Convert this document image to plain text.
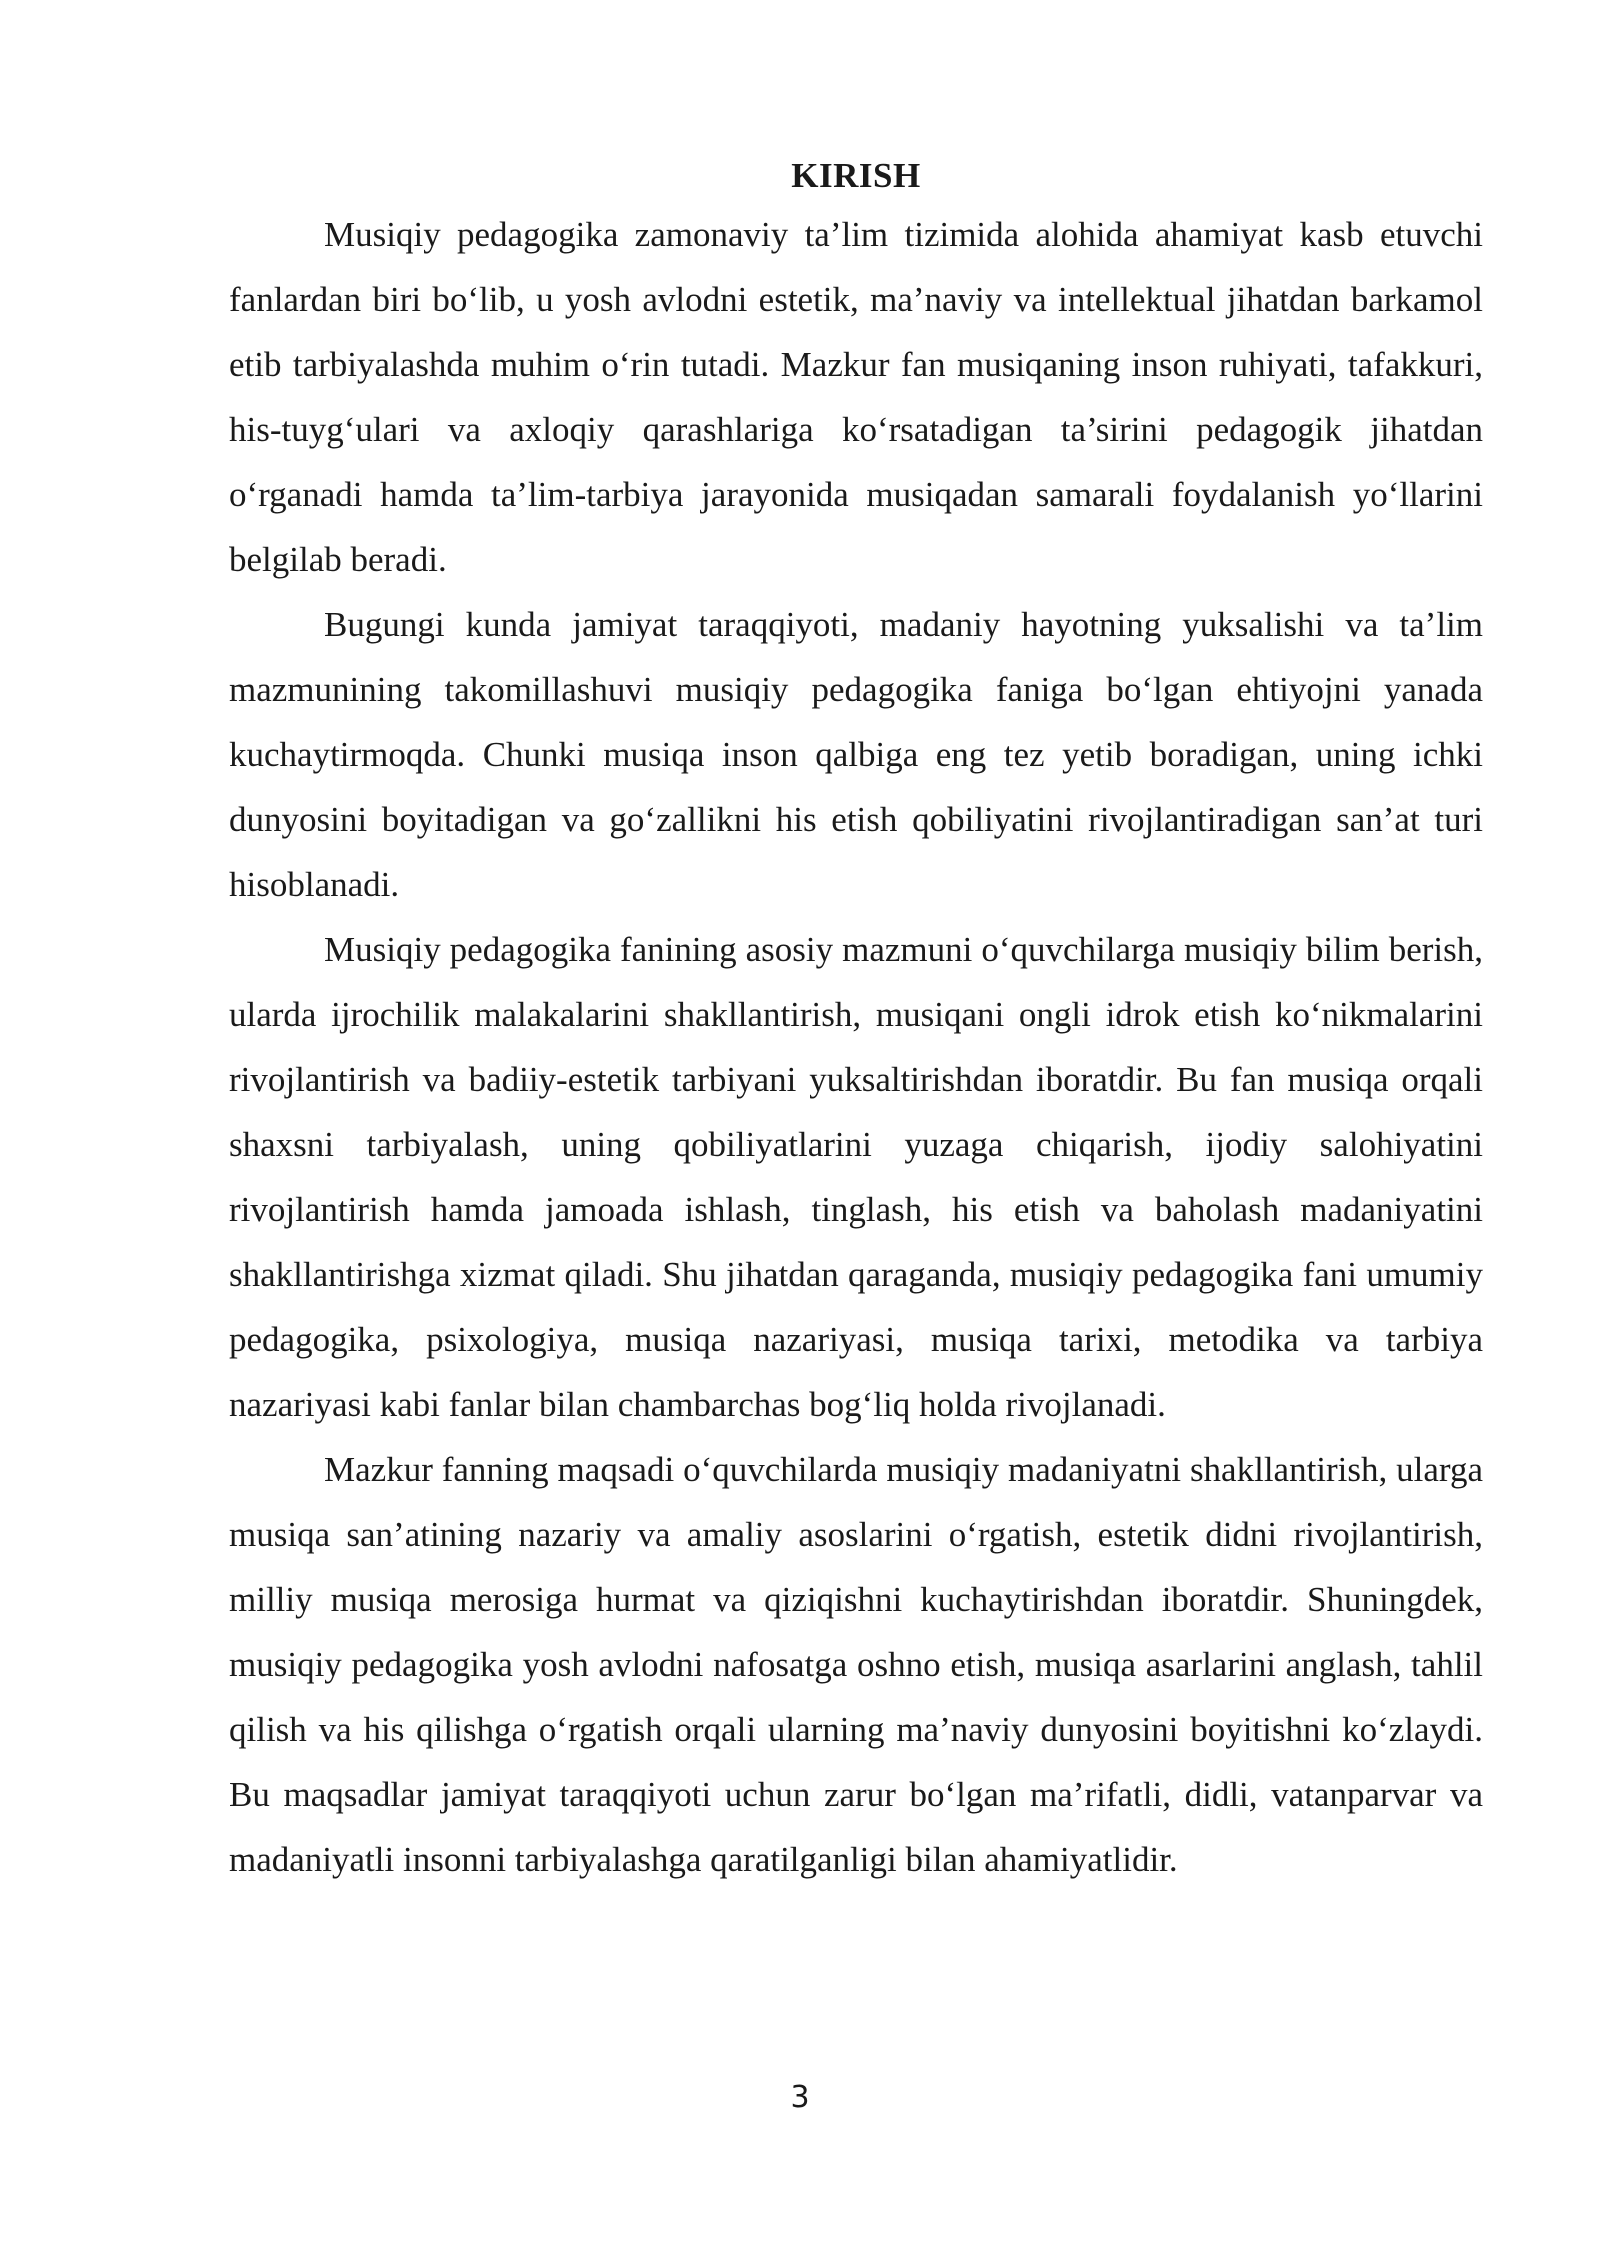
KIRISH

Musiqiy pedagogika zamonaviy ta’lim tizimida alohida ahamiyat kasb etuvchi fanlardan biri bo‘lib, u yosh avlodni estetik, ma’naviy va intellektual jihatdan barkamol etib tarbiyalashda muhim o‘rin tutadi. Mazkur fan musiqaning inson ruhiyati, tafakkuri, his-tuyg‘ulari va axloqiy qarashlariga ko‘rsatadigan ta’sirini pedagogik jihatdan o‘rganadi hamda ta’lim-tarbiya jarayonida musiqadan samarali foydalanish yo‘llarini belgilab beradi.

Bugungi kunda jamiyat taraqqiyoti, madaniy hayotning yuksalishi va ta’lim mazmunining takomillashuvi musiqiy pedagogika faniga bo‘lgan ehtiyojni yanada kuchaytirmoqda. Chunki musiqa inson qalbiga eng tez yetib boradigan, uning ichki dunyosini boyitadigan va go‘zallikni his etish qobiliyatini rivojlantiradigan san’at turi hisoblanadi.

Musiqiy pedagogika fanining asosiy mazmuni o‘quvchilarga musiqiy bilim berish, ularda ijrochilik malakalarini shakllantirish, musiqani ongli idrok etish ko‘nikmalarini rivojlantirish va badiiy-estetik tarbiyani yuksaltirishdan iboratdir. Bu fan musiqa orqali shaxsni tarbiyalash, uning qobiliyatlarini yuzaga chiqarish, ijodiy salohiyatini rivojlantirish hamda jamoada ishlash, tinglash, his etish va baholash madaniyatini shakllantirishga xizmat qiladi. Shu jihatdan qaraganda, musiqiy pedagogika fani umumiy pedagogika, psixologiya, musiqa nazariyasi, musiqa tarixi, metodika va tarbiya nazariyasi kabi fanlar bilan chambarchas bog‘liq holda rivojlanadi.

Mazkur fanning maqsadi o‘quvchilarda musiqiy madaniyatni shakllantirish, ularga musiqa san’atining nazariy va amaliy asoslarini o‘rgatish, estetik didni rivojlantirish, milliy musiqa merosiga hurmat va qiziqishni kuchaytirishdan iboratdir. Shuningdek, musiqiy pedagogika yosh avlodni nafosatga oshno etish, musiqa asarlarini anglash, tahlil qilish va his qilishga o‘rgatish orqali ularning ma’naviy dunyosini boyitishni ko‘zlaydi. Bu maqsadlar jamiyat taraqqiyoti uchun zarur bo‘lgan ma’rifatli, didli, vatanparvar va madaniyatli insonni tarbiyalashga qaratilganligi bilan ahamiyatlidir.

3
